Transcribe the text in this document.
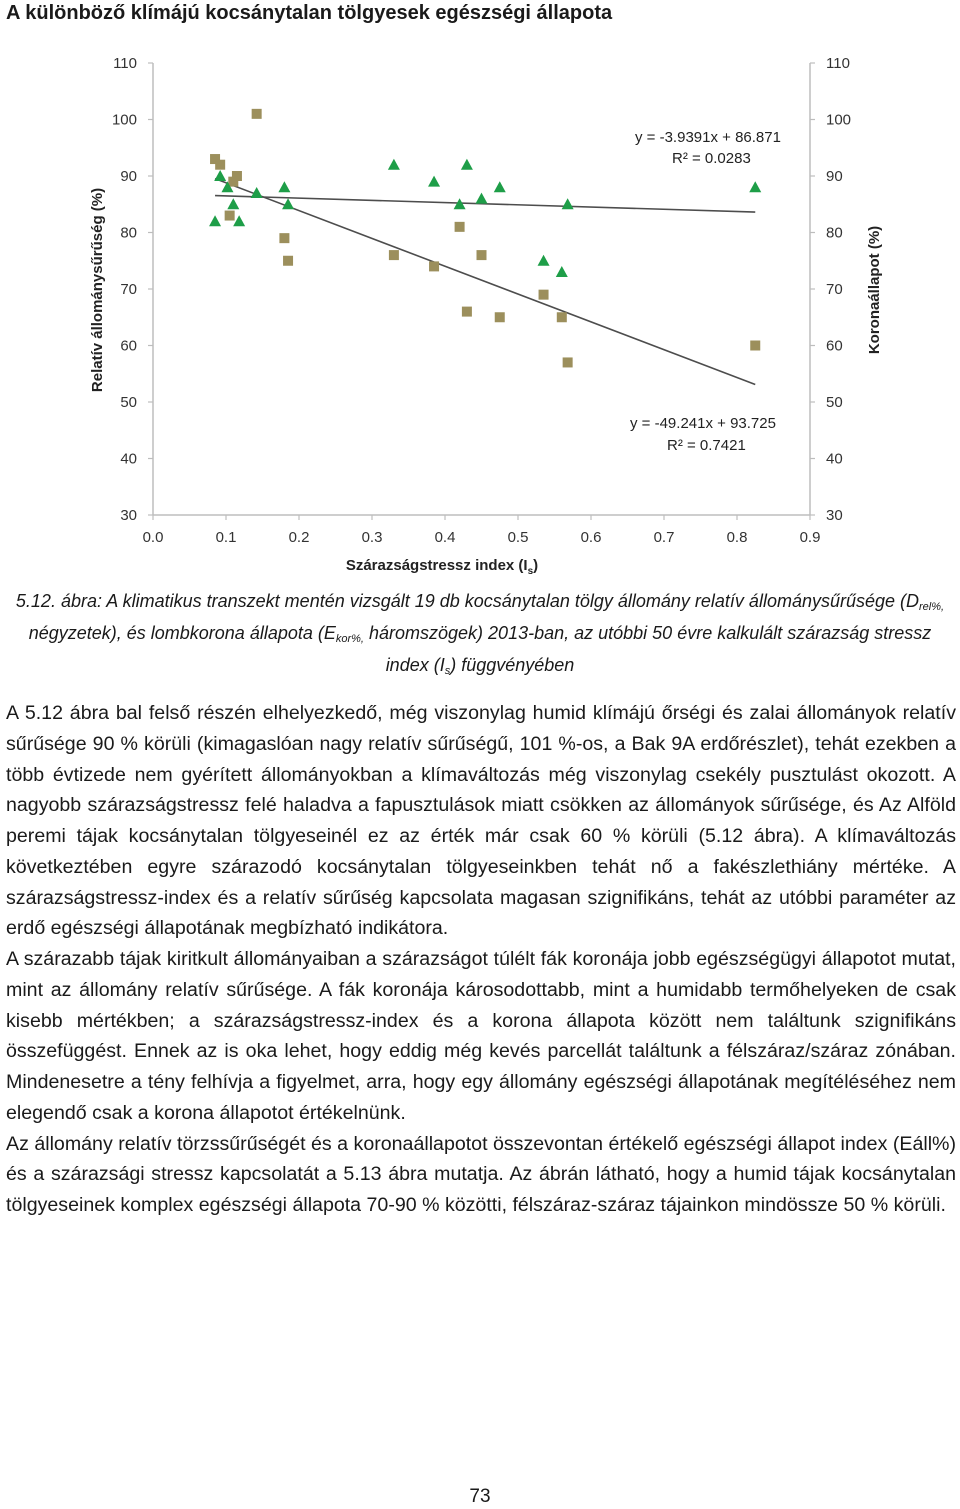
A különböző klímájú kocsánytalan tölgyesek egészségi állapota
0.0	0.1	0.2	0.3	0.4	0.5	0.6	0.7	0.8	0.9
30	30
40	40
50	50
60	60
70	70
80	80
90	90
100	100
110	110
y = -3.9391x + 86.871
R² = 0.0283
y = -49.241x + 93.725
R² = 0.7421
Relatív állománysűrűség (%)	Koronaállapot (%)
Szárazságstressz index $(I_s)$
5.12. ábra: A klimatikus transzekt mentén vizsgált 19 db kocsánytalan tölgy állomány relatív állománysűrűsége ($D_{rel\%,}$ négyzetek), és lombkorona állapota ($E_{kor\%,}$ háromszögek) 2013-ban, az utóbbi 50 évre kalkulált szárazság stressz index $(I_s)$ függvényében

A 5.12 ábra bal felső részén elhelyezkedő, még viszonylag humid klímájú őrségi és zalai állományok relatív sűrűsége 90 % körüli (kimagaslóan nagy relatív sűrűségű, 101 %-os, a Bak 9A erdőrészlet), tehát ezekben a több évtizede nem gyérített állományokban a klímaváltozás még viszonylag csekély pusztulást okozott. A nagyobb szárazságstressz felé haladva a fapusztulások miatt csökken az állományok sűrűsége, és Az Alföld peremi tájak kocsánytalan tölgyeseinél ez az érték már csak 60 % körüli (5.12 ábra). A klímaváltozás következtében egyre szárazodó kocsánytalan tölgyeseinkben tehát nő a fakészlethiány mértéke. A szárazságstressz-index és a relatív sűrűség kapcsolata magasan szignifikáns, tehát az utóbbi paraméter az erdő egészségi állapotának megbízható indikátora.

A szárazabb tájak kiritkult állományaiban a szárazságot túlélt fák koronája jobb egészségügyi állapotot mutat, mint az állomány relatív sűrűsége. A fák koronája károsodottabb, mint a humidabb termőhelyeken de csak kisebb mértékben; a szárazságstressz-index és a korona állapota között nem találtunk szignifikáns összefüggést. Ennek az is oka lehet, hogy eddig még kevés parcellát találtunk a félszáraz/száraz zónában. Mindenesetre a tény felhívja a figyelmet, arra, hogy egy állomány egészségi állapotának megítéléséhez nem elegendő csak a korona állapotot értékelnünk.

Az állomány relatív törzssűrűségét és a koronaállapotot összevontan értékelő egészségi állapot index (Eáll%) és a szárazsági stressz kapcsolatát a 5.13 ábra mutatja. Az ábrán látható, hogy a humid tájak kocsánytalan tölgyeseinek komplex egészségi állapota 70-90 % közötti, félszáraz-száraz tájainkon mindössze 50 % körüli.

73
